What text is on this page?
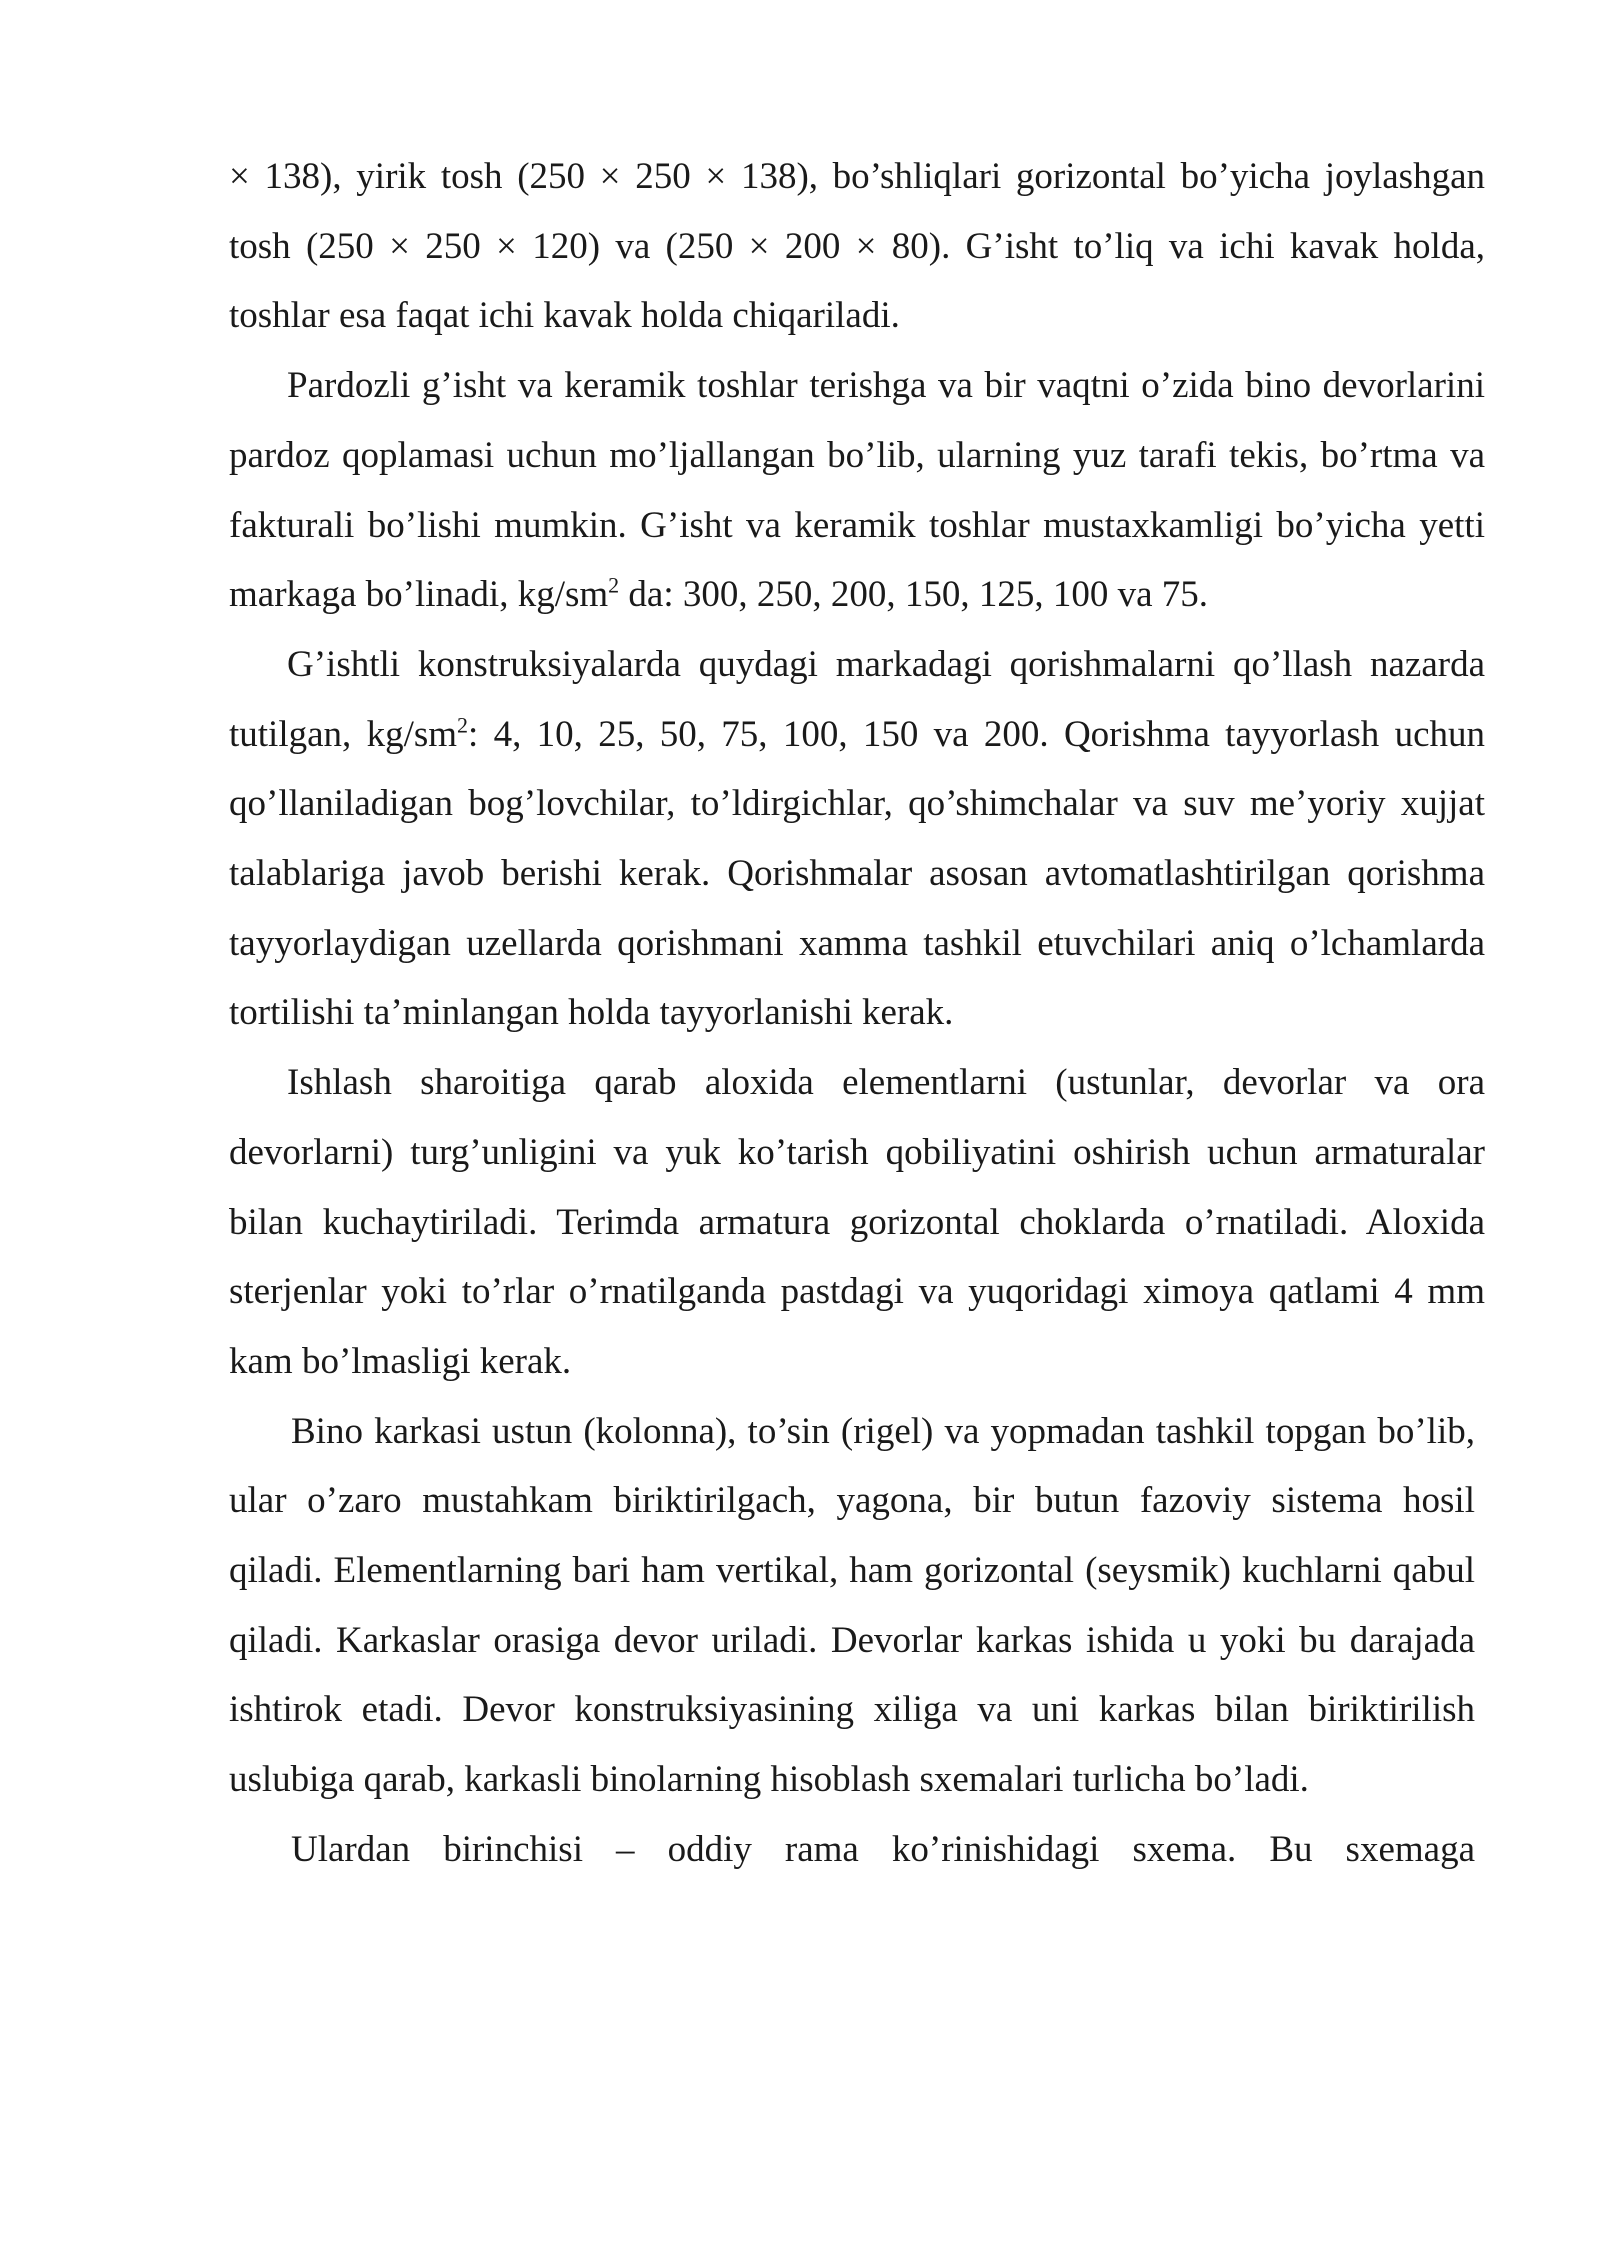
× 138), yirik tosh (250 × 250 × 138), bo’shliqlari gorizontal bo’yicha joylashgan tosh (250 × 250 × 120) va (250 × 200 × 80). G’isht to’liq va ichi kavak holda, toshlar esa faqat ichi kavak holda chiqariladi.

Pardozli g’isht va keramik toshlar terishga va bir vaqtni o’zida bino devorlarini pardoz qoplamasi uchun mo’ljallangan bo’lib, ularning yuz tarafi tekis, bo’rtma va fakturali bo’lishi mumkin. G’isht va keramik toshlar mustaxkamligi bo’yicha yetti markaga bo’linadi, $kg/sm^2$ da: 300, 250, 200, 150, 125, 100 va 75.

G’ishtli konstruksiyalarda quydagi markadagi qorishmalarni qo’llash nazarda tutilgan, $kg/sm^2$: 4, 10, 25, 50, 75, 100, 150 va 200. Qorishma tayyorlash uchun qo’llaniladigan bog’lovchilar, to’ldirgichlar, qo’shimchalar va suv me’yoriy xujjat talablariga javob berishi kerak. Qorishmalar asosan avtomatlashtirilgan qorishma tayyorlaydigan uzellarda qorishmani xamma tashkil etuvchilari aniq o’lchamlarda tortilishi ta’minlangan holda tayyorlanishi kerak.

Ishlash sharoitiga qarab aloxida elementlarni (ustunlar, devorlar va ora devorlarni) turg’unligini va yuk ko’tarish qobiliyatini oshirish uchun armaturalar bilan kuchaytiriladi. Terimda armatura gorizontal choklarda o’rnatiladi. Aloxida sterjenlar yoki to’rlar o’rnatilganda pastdagi va yuqoridagi ximoya qatlami 4 mm kam bo’lmasligi kerak.

Bino karkasi ustun (kolonna), to’sin (rigel) va yopmadan tashkil topgan bo’lib, ular o’zaro mustahkam biriktirilgach, yagona, bir butun fazoviy sistema hosil qiladi. Elementlarning bari ham vertikal, ham gorizontal (seysmik) kuchlarni qabul qiladi. Karkaslar orasiga devor uriladi. Devorlar karkas ishida u yoki bu darajada ishtirok etadi. Devor konstruksiyasining xiliga va uni karkas bilan biriktirilish uslubiga qarab, karkasli binolarning hisoblash sxemalari turlicha bo’ladi.

Ulardan birinchisi – oddiy rama ko’rinishidagi sxema. Bu sxemaga
